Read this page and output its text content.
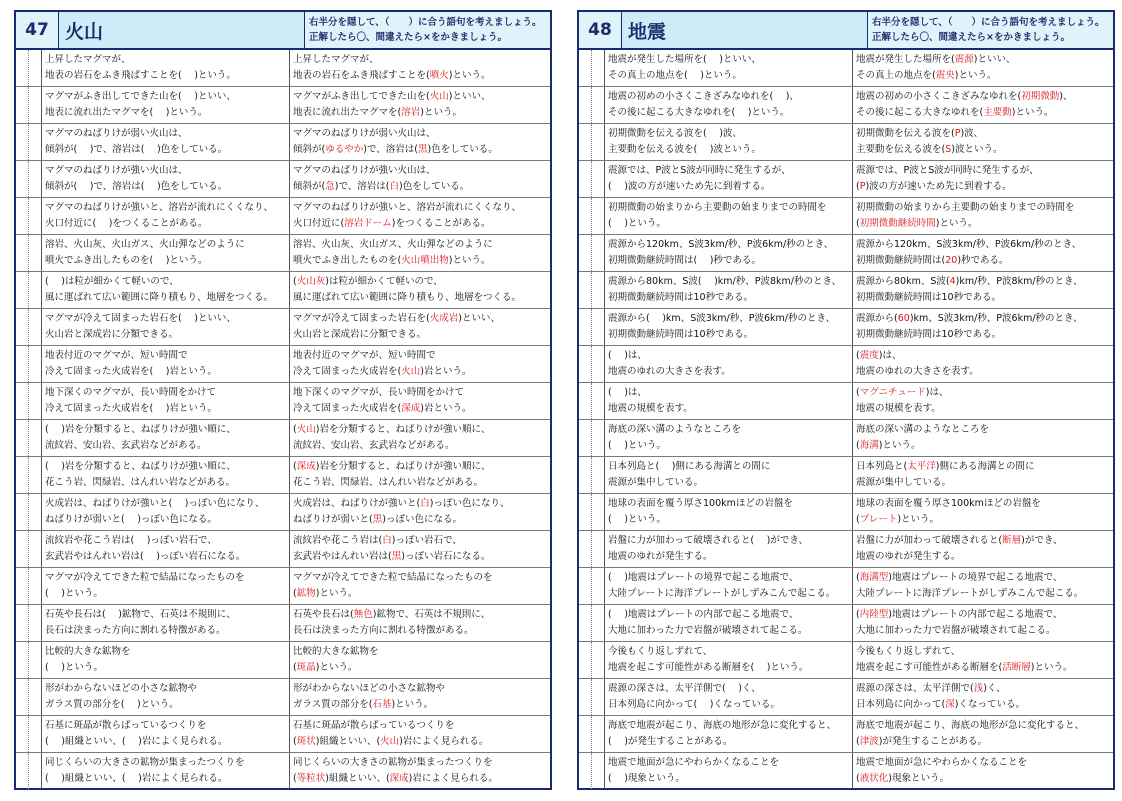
47 火山	右半分を隠して、（　　）に合う語句を考えましょう。
正解したら〇、間違えたら×をかきましょう。
上昇したマグマが、
地表の岩石をふき飛ばすことを(　 )という。
上昇したマグマが、
地表の岩石をふき飛ばすことを(噴火)という。
マグマがふき出してできた山を(　 )といい、
地表に流れ出たマグマを(　 )という。
マグマがふき出してできた山を(火山)といい、
地表に流れ出たマグマを(溶岩)という。
マグマのねばりけが弱い火山は、
傾斜が(　 )で、溶岩は(　 )色をしている。
マグマのねばりけが弱い火山は、
傾斜が(ゆるやか)で、溶岩は(黒)色をしている。
マグマのねばりけが強い火山は、
傾斜が(　 )で、溶岩は(　 )色をしている。
マグマのねばりけが強い火山は、
傾斜が(急)で、溶岩は(白)色をしている。
マグマのねばりけが強いと、溶岩が流れにくくなり、
火口付近に(　 )をつくることがある。
マグマのねばりけが強いと、溶岩が流れにくくなり、
火口付近に(溶岩ドーム)をつくることがある。
溶岩、火山灰、火山ガス、火山弾などのように
噴火でふき出したものを(　 )という。
溶岩、火山灰、火山ガス、火山弾などのように
噴火でふき出したものを(火山噴出物)という。
(　 )は粒が細かくて軽いので、
風に運ばれて広い範囲に降り積もり、地層をつくる。
(火山灰)は粒が細かくて軽いので、
風に運ばれて広い範囲に降り積もり、地層をつくる。
マグマが冷えて固まった岩石を(　 )といい、
火山岩と深成岩に分類できる。
マグマが冷えて固まった岩石を(火成岩)といい、
火山岩と深成岩に分類できる。
地表付近のマグマが、短い時間で
冷えて固まった火成岩を(　 )岩という。
地表付近のマグマが、短い時間で
冷えて固まった火成岩を(火山)岩という。
地下深くのマグマが、長い時間をかけて
冷えて固まった火成岩を(　 )岩という。
地下深くのマグマが、長い時間をかけて
冷えて固まった火成岩を(深成)岩という。
(　 )岩を分類すると、ねばりけが強い順に、
流紋岩、安山岩、玄武岩などがある。
(火山)岩を分類すると、ねばりけが強い順に、
流紋岩、安山岩、玄武岩などがある。
(　 )岩を分類すると、ねばりけが強い順に、
花こう岩、閃緑岩、はんれい岩などがある。
(深成)岩を分類すると、ねばりけが強い順に、
花こう岩、閃緑岩、はんれい岩などがある。
火成岩は、ねばりけが強いと(　 )っぽい色になり、
ねばりけが弱いと(　 )っぽい色になる。
火成岩は、ねばりけが強いと(白)っぽい色になり、
ねばりけが弱いと(黒)っぽい色になる。
流紋岩や花こう岩は(　 )っぽい岩石で、
玄武岩やはんれい岩は(　 )っぽい岩石になる。
流紋岩や花こう岩は(白)っぽい岩石で、
玄武岩やはんれい岩は(黒)っぽい岩石になる。
マグマが冷えてできた粒で結晶になったものを
(　 )という。
マグマが冷えてできた粒で結晶になったものを
(鉱物)という。
石英や長石は(　 )鉱物で、石英は不規則に、
長石は決まった方向に割れる特徴がある。
石英や長石は(無色)鉱物で、石英は不規則に、
長石は決まった方向に割れる特徴がある。
比較的大きな鉱物を
(　 )という。
比較的大きな鉱物を
(斑晶)という。
形がわからないほどの小さな鉱物や
ガラス質の部分を(　 )という。
形がわからないほどの小さな鉱物や
ガラス質の部分を(石基)という。
石基に斑晶が散らばっているつくりを
(　 )組織といい、(　 )岩によく見られる。
石基に斑晶が散らばっているつくりを
(斑状)組織といい、(火山)岩によく見られる。
同じくらいの大きさの鉱物が集まったつくりを
(　 )組織といい、(　 )岩によく見られる。
同じくらいの大きさの鉱物が集まったつくりを
(等粒状)組織といい、(深成)岩によく見られる。
48 地震	右半分を隠して、（　　）に合う語句を考えましょう。
正解したら〇、間違えたら×をかきましょう。
地震が発生した場所を(　 )といい、
その真上の地点を(　 )という。
地震が発生した場所を(震源)といい、
その真上の地点を(震央)という。
地震の初めの小さくこきざみなゆれを(　 )、
その後に起こる大きなゆれを(　 )という。
地震の初めの小さくこきざみなゆれを(初期微動)、
その後に起こる大きなゆれを(主要動)という。
初期微動を伝える波を(　 )波、
主要動を伝える波を(　 )波という。
初期微動を伝える波を(P)波、
主要動を伝える波を(S)波という。
震源では、P波とS波が同時に発生するが、
(　 )波の方が速いため先に到着する。
震源では、P波とS波が同時に発生するが、
(P)波の方が速いため先に到着する。
初期微動の始まりから主要動の始まりまでの時間を
(　 )という。
初期微動の始まりから主要動の始まりまでの時間を
(初期微動継続時間)という。
震源から120km、S波3km/秒、P波6km/秒のとき、
初期微動継続時間は(　 )秒である。
震源から120km、S波3km/秒、P波6km/秒のとき、
初期微動継続時間は(20)秒である。
震源から80km、S波(　 )km/秒、P波8km/秒のとき、
初期微動継続時間は10秒である。
震源から80km、S波(4)km/秒、P波8km/秒のとき、
初期微動継続時間は10秒である。
震源から(　 )km、S波3km/秒、P波6km/秒のとき、
初期微動継続時間は10秒である。
震源から(60)km、S波3km/秒、P波6km/秒のとき、
初期微動継続時間は10秒である。
(　 )は、
地震のゆれの大きさを表す。
(震度)は、
地震のゆれの大きさを表す。
(　 )は、
地震の規模を表す。
(マグニチュード)は、
地震の規模を表す。
海底の深い溝のようなところを
(　 )という。
海底の深い溝のようなところを
(海溝)という。
日本列島と(　 )側にある海溝との間に
震源が集中している。
日本列島と(太平洋)側にある海溝との間に
震源が集中している。
地球の表面を覆う厚さ100kmほどの岩盤を
(　 )という。
地球の表面を覆う厚さ100kmほどの岩盤を
(プレート)という。
岩盤に力が加わって破壊されると(　 )ができ、
地震のゆれが発生する。
岩盤に力が加わって破壊されると(断層)ができ、
地震のゆれが発生する。
(　 )地震はプレートの境界で起こる地震で、
大陸プレートに海洋プレートがしずみこんで起こる。
(海溝型)地震はプレートの境界で起こる地震で、
大陸プレートに海洋プレートがしずみこんで起こる。
(　 )地震はプレートの内部で起こる地震で、
大地に加わった力で岩盤が破壊されて起こる。
(内陸型)地震はプレートの内部で起こる地震で、
大地に加わった力で岩盤が破壊されて起こる。
今後もくり返しずれて、
地震を起こす可能性がある断層を(　 )という。
今後もくり返しずれて、
地震を起こす可能性がある断層を(活断層)という。
震源の深さは、太平洋側で(　 )く、
日本列島に向かって(　 )くなっている。
震源の深さは、太平洋側で(浅)く、
日本列島に向かって(深)くなっている。
海底で地震が起こり、海底の地形が急に変化すると、
(　 )が発生することがある。
海底で地震が起こり、海底の地形が急に変化すると、
(津波)が発生することがある。
地震で地面が急にやわらかくなることを
(　 )現象という。
地震で地面が急にやわらかくなることを
(液状化)現象という。
